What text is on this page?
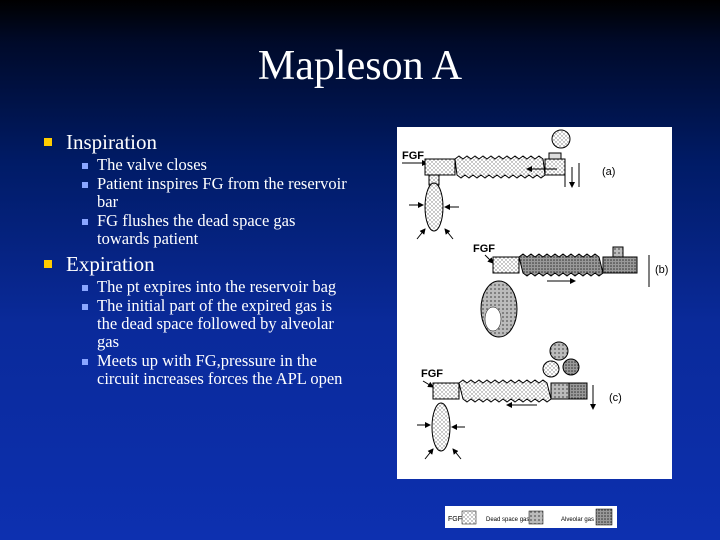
Mapleson A
Inspiration
The valve closes
Patient inspires FG from the reservoir bar
FG flushes the dead space gas towards patient
Expiration
The pt expires into the reservoir bag
The initial part of the expired gas is the dead space followed by alveolar gas
Meets up with FG,pressure in the circuit increases forces the APL open
FGF
(a)
FGF
(b)
FGF
(c)
FGF	Dead space gas	Alveolar gas
